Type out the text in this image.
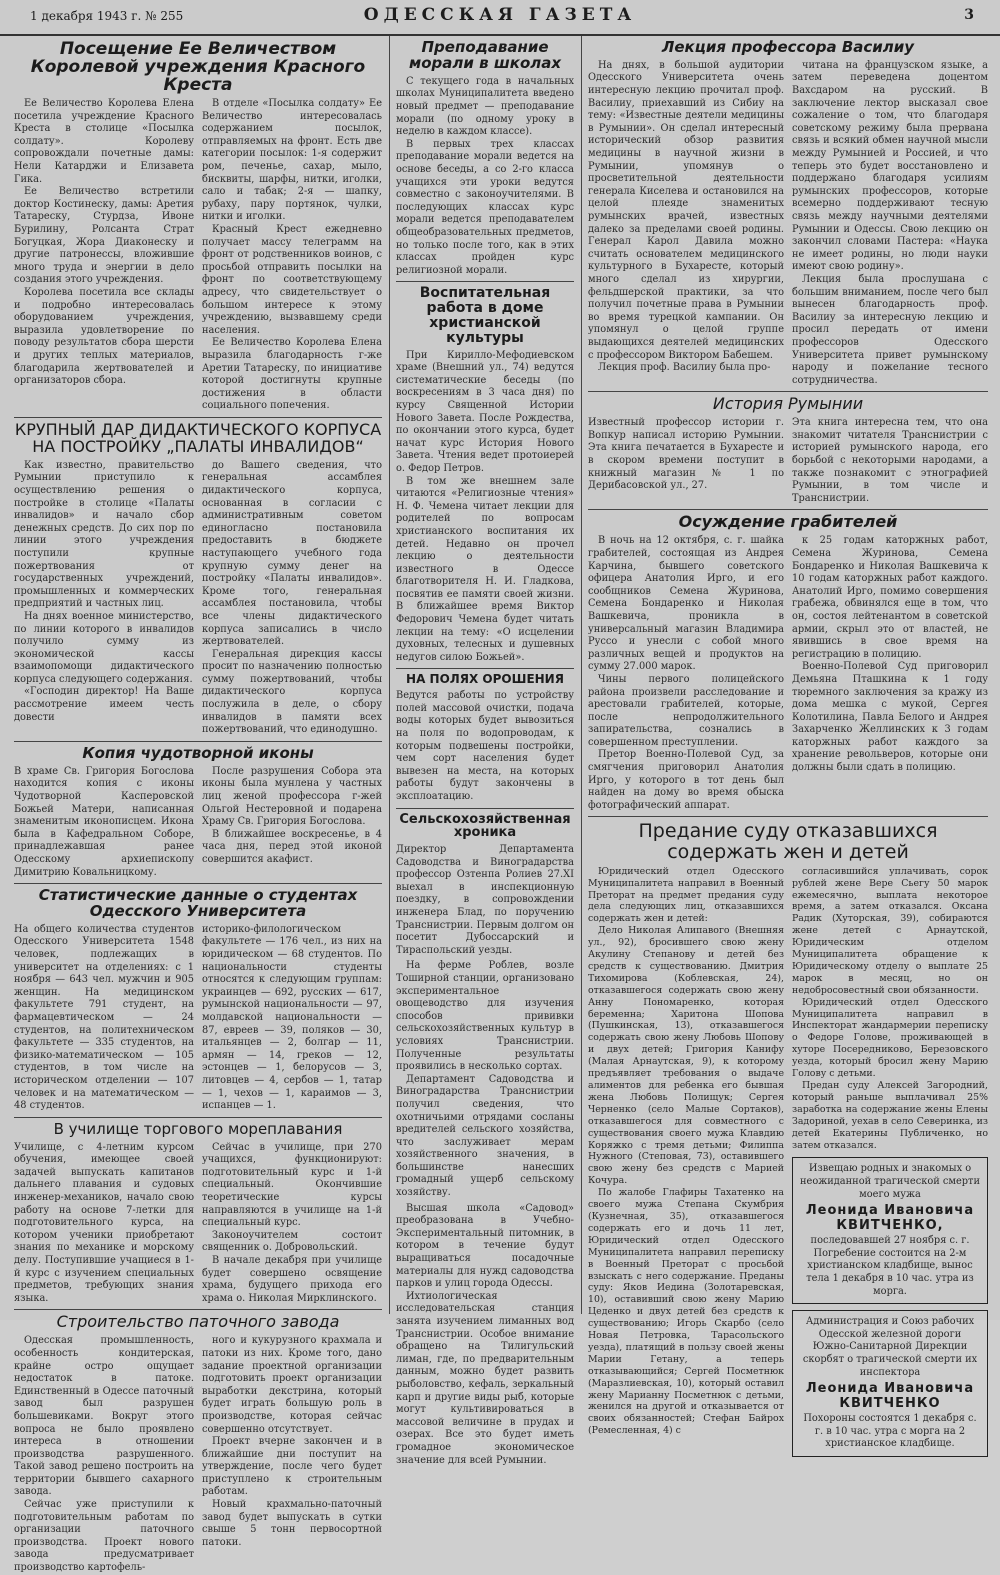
1 декабря 1943 г. № 255	ОДЕССКАЯ ГАЗЕТА	3
Посещение Ее Величеством Королевой учреждения Красного Креста

Ее Величество Королева Елена посетила учреждение Красного Креста в столице «Посылка солдату». Королеву сопровождали почетные дамы: Нели Катарджи и Елизавета Гика.
Ее Величество встретили доктор Костинеску, дамы: Аретия Татареску, Стурдза, Ивоне Бурилину, Ролсанта Страт Богуцкая, Жора Диаконеску и другие патронессы, вложившие много труда и энергии в дело создания этого учреждения.
Королева посетила все склады и подробно интересовалась оборудованием учреждения, выразила удовлетворение по поводу результатов сбора шерсти и других теплых материалов, благодарила жертвователей и организаторов сбора.

В отделе «Посылка солдату» Ее Величество интересовалась содержанием посылок, отправляемых на фронт. Есть две категории посылок: 1-я содержит ром, печенье, сахар, мыло, бисквиты, шарфы, нитки, иголки, сало и табак; 2-я — шапку, рубаху, пару портянок, чулки, нитки и иголки.
Красный Крест ежедневно получает массу телеграмм на фронт от родственников воинов, с просьбой отправить посылки на фронт по соответствующему адресу, что свидетельствует о большом интересе к этому учреждению, вызвавшему среди населения.
Ее Величество Королева Елена выразила благодарность г-же Аретии Татареску, по инициативе которой достигнуты крупные достижения в области социального попечения.

КРУПНЫЙ ДАР ДИДАКТИЧЕСКОГО КОРПУСА НА ПОСТРОЙКУ „ПАЛАТЫ ИНВАЛИДОВ“

Как известно, правительство Румынии приступило к осуществлению решения о постройке в столице «Палаты инвалидов» и начало сбор денежных средств. До сих пор по линии этого учреждения поступили крупные пожертвования от государственных учреждений, промышленных и коммерческих предприятий и частных лиц.
На днях военное министерство, по линии которого в инвалидов получило сумму из экономической кассы взаимопомощи дидактического корпуса следующего содержания.
«Господин директор! На Ваше рассмотрение имеем честь довести

до Вашего сведения, что генеральная ассамблея дидактического корпуса, основанная в согласии с административным советом единогласно постановила предоставить в бюджете наступающего учебного года крупную сумму денег на постройку «Палаты инвалидов». Кроме того, генеральная ассамблея постановила, чтобы все члены дидактического корпуса записались в число жертвователей.
Генеральная дирекция кассы просит по назначению полностью сумму пожертвований, чтобы дидактического корпуса послужила в деле, о сбору инвалидов в памяти всех пожертвований, что единодушно.

Копия чудотворной иконы

В храме Св. Григория Богослова находится копия с иконы Чудотворной Касперовской Божьей Матери, написанная знаменитым иконописцем. Икона была в Кафедральном Соборе, принадлежавшая ранее Одесскому архиепископу Димитрию Ковальницкому.

После разрушения Собора эта иконы была мунлена у частных лиц женой профессора г-жей Ольгой Нестеровной и подарена Храму Св. Григория Богослова.
В ближайшее воскресенье, в 4 часа дня, перед этой иконой совершится акафист.

Статистические данные о студентах Одесского Университета

На общего количества студентов Одесского Университета 1548 человек, подлежащих в университет на отделениях: с 1 ноября — 643 чел. мужчин и 905 женщин. На медицинском факультете 791 студент, на фармацевтическом — 24 студентов, на политехническом факультете — 335 студентов, на физико-математическом — 105 студентов, в том числе на историческом отделении — 107 человек и на математическом — 48 студентов.

историко-филологическом факультете — 176 чел., из них на юридическом — 68 студентов. По национальности студенты относятся к следующим группам: украинцев — 692, русских — 617, румынской национальности — 97, молдавской национальности — 87, евреев — 39, поляков — 30, итальянцев — 2, болгар — 11, армян — 14, греков — 12, эстонцев — 1, белорусов — 3, литовцев — 4, сербов — 1, татар — 1, чехов — 1, караимов — 3, испанцев — 1.

В училище торгового мореплавания

Училище, с 4-летним курсом обучения, имеющее своей задачей выпускать капитанов дальнего плавания и судовых инженер-механиков, начало свою работу на основе 7-летки для подготовительного курса, на котором ученики приобретают знания по механике и морскому делу. Поступившие учащиеся в 1-й курс с изучением специальных предметов, требующих знания языка.

Сейчас в училище, при 270 учащихся, функционируют: подготовительный курс и 1-й специальный. Окончившие теоретические курсы направляются в училище на 1-й специальный курс.
Законоучителем состоит священник о. Добровольский.
В начале декабря при училище будет совершено освящение храма, будущего прихода его храма о. Николая Мирклинского.

Строительство паточного завода

Одесская промышленность, особенность кондитерская, крайне остро ощущает недостаток в патоке. Единственный в Одессе паточный завод был разрушен большевиками. Вокруг этого вопроса не было проявлено интереса в отношении производства разрушенного. Такой завод решено построить на территории бывшего сахарного завода.
Сейчас уже приступили к подготовительным работам по организации паточного производства. Проект нового завода предусматривает производство картофель-

ного и кукурузного крахмала и патоки из них. Кроме того, дано задание проектной организации подготовить проект организации выработки декстрина, который будет играть большую роль в производстве, которая сейчас совершенно отсутствует.
Проект вчерне закончен и в ближайшие дни поступит на утверждение, после чего будет приступлено к строительным работам.
Новый крахмально-паточный завод будет выпускать в сутки свыше 5 тонн первосортной патоки.

Преподавание морали в школах

С текущего года в начальных школах Муниципалитета введено новый предмет — преподавание морали (по одному уроку в неделю в каждом классе).
В первых трех классах преподавание морали ведется на основе беседы, а со 2-го класса учащихся эти уроки ведутся совместно с законоучителями. В последующих классах курс морали ведется преподавателем общеобразовательных предметов, но только после того, как в этих классах пройден курс религиозной морали.

Воспитательная работа в доме христианской культуры

При Кирилло-Мефодиевском храме (Внешний ул., 74) ведутся систематические беседы (по воскресениям в 3 часа дня) по курсу Священной Истории Нового Завета. После Рождества, по окончании этого курса, будет начат курс История Нового Завета. Чтения ведет протоиерей о. Федор Петров.
В том же внешнем зале читаются «Религиозные чтения» Н. Ф. Чемена читает лекции для родителей по вопросам христианского воспитания их детей. Недавно он прочел лекцию о деятельности известного в Одессе благотворителя Н. И. Гладкова, посвятив ее памяти своей жизни. В ближайшее время Виктор Федорович Чемена будет читать лекции на тему: «О исцелении духовных, телесных и душевных недугов силою Божьей».

НА ПОЛЯХ ОРОШЕНИЯ

Ведутся работы по устройству полей массовой очистки, подача воды которых будет вывозиться на поля по водопроводам, к которым подвешены постройки, чем сорт населения будет вывезен на места, на которых работы будут закончены в эксплоатацию.

Сельскохозяйственная хроника

Директор Департамента Садоводства и Виноградарства профессор Озтенпа Ролиев 27.XI выехал в инспекционную поездку, в сопровождении инженера Блад, по поручению Транснистрии. Первым долгом он посетит Дубоссарский и Тираспольский уезды.

На ферме Роблев, возле Тоширной станции, организовано экспериментальное овощеводство для изучения способов прививки сельскохозяйственных культур в условиях Транснистрии. Полученные результаты проявились в несколько сортах.
Департамент Садоводства и Виноградарства Транснистрии получил сведения, что охотничьими отрядами сосланы вредителей сельского хозяйства, что заслуживает мерам хозяйственного значения, в большинстве нанесших громадный ущерб сельскому хозяйству.

Высшая школа «Садовод» преобразована в Учебно-Экспериментальный питомник, в котором в течение будут выращиваться посадочные материалы для нужд садоводства парков и улиц города Одессы.
Ихтиологическая исследовательская станция занята изучением лиманных вод Транснистрии. Особое внимание обращено на Тилигульский лиман, где, по предварительным данным, можно будет развить рыболовство, кефаль, зеркальный карп и другие виды рыб, которые могут культивироваться в массовой величине в прудах и озерах. Все это будет иметь громадное экономическое значение для всей Румынии.

Лекция профессора Василиу

На днях, в большой аудитории Одесского Университета очень интересную лекцию прочитал проф. Василиу, приехавший из Сибиу на тему: «Известные деятели медицины в Румынии». Он сделал интересный исторический обзор развития медицины в научной жизни в Румынии, упомянув о просветительной деятельности генерала Киселева и остановился на целой плеяде знаменитых румынских врачей, известных далеко за пределами своей родины. Генерал Карол Давила можно считать основателем медицинского культурного в Бухаресте, который много сделал из хирургии, фельдшерской практики, за что получил почетные права в Румынии во время турецкой кампании. Он упомянул о целой группе выдающихся деятелей медицинских с профессором Виктором Бабешем.
Лекция проф. Василиу была про-

читана на французском языке, а затем переведена доцентом Вахсдаром на русский. В заключение лектор высказал свое сожаление о том, что благодаря советскому режиму была прервана связь и всякий обмен научной мысли между Румынией и Россией, и что теперь это будет восстановлено и поддержано благодаря усилиям румынских профессоров, которые всемерно поддерживают тесную связь между научными деятелями Румынии и Одессы. Свою лекцию он закончил словами Пастера: «Наука не имеет родины, но люди науки имеют свою родину».
Лекция была прослушана с большим вниманием, после чего был вынесен благодарность проф. Василиу за интересную лекцию и просил передать от имени профессоров Одесского Университета привет румынскому народу и пожелание тесного сотрудничества.

История Румынии

Известный профессор истории г. Вопкур написал историю Румынии. Эта книга печатается в Бухаресте и в скором времени поступит в книжный магазин № 1 по Дерибасовской ул., 27.

Эта книга интересна тем, что она знакомит читателя Транснистрии с историей румынского народа, его борьбой с некоторыми народами, а также познакомит с этнографией Румынии, в том числе и Транснистрии.

Осуждение грабителей

В ночь на 12 октября, с. г. шайка грабителей, состоящая из Андрея Карчина, бывшего советского офицера Анатолия Ирго, и его сообщников Семена Журинова, Семена Бондаренко и Николая Вашкевича, проникла в универсальный магазин Владимира Руссо и унесли с собой много различных вещей и продуктов на сумму 27.000 марок.
Чины первого полицейского района произвели расследование и арестовали грабителей, которые, после непродолжительного запирательства, сознались в совершенном преступлении.
Претор Военно-Полевой Суд, за смягчения приговорил Анатолия Ирго, у которого в тот день был найден на дому во время обыска фотографический аппарат.

к 25 годам каторжных работ, Семена Журинова, Семена Бондаренко и Николая Вашкевича к 10 годам каторжных работ каждого. Анатолий Ирго, помимо совершения грабежа, обвинялся еще в том, что он, состоя лейтенантом в советской армии, скрыл это от властей, не явившись в свое время на регистрацию в полицию.
Военно-Полевой Суд приговорил Демьяна Пташкина к 1 году тюремного заключения за кражу из дома мешка с мукой, Сергея Колотилина, Павла Белого и Андрея Захарченко Желлинских к 3 годам каторжных работ каждого за хранение револьверов, которые они должны были сдать в полицию.

Предание суду отказавшихся содержать жен и детей

Юридический отдел Одесского Муниципалитета направил в Военный Преторат на предмет предания суду дела следующих лиц, отказавшихся содержать жен и детей:
Дело Николая Алипавого (Внешняя ул., 92), бросившего свою жену Акулину Степанову и детей без средств к существованию. Дмитрия Тихомирова (Коблевская, 24), отказавшегося содержать свою жену Анну Пономаренко, которая беременна; Харитона Шопова (Пушкинская, 13), отказавшегося содержать свою жену Любовь Шопову и двух детей; Григория Канифу (Малая Арнаутская, 9), к которому предъявляет требования о выдаче алиментов для ребенка его бывшая жена Любовь Полищук; Сергея Черненко (село Малые Сортаков), отказавшегося для совместного с существования своего мужа Клавдию Коряжко с тремя детьми; Филиппа Нужного (Степовая, 73), оставившего свою жену без средств с Марией Кочура.
По жалобе Глафиры Тахатенко на своего мужа Степана Скумбрия (Кузнечная, 35), отказавшегося содержать его и дочь 11 лет, Юридический отдел Одесского Муниципалитета направил переписку в Военный Преторат с просьбой взыскать с него содержание. Преданы суду: Яков Иедина (Золотаревская, 10), оставивший свою жену Марию Цеденко и двух детей без средств к существованию; Игорь Скарбо (село Новая Петровка, Тарасольского уезда), платящий в пользу своей жены Марии Гетану, а теперь отказывающийся; Сергей Посметнюк (Маразлиевская, 10), который оставил жену Марианну Посметнюк с детьми, женился на другой и отказывается от своих обязанностей; Стефан Байрох (Ремесленная, 4) с

согласившийся уплачивать, сорок рублей жене Вере Сьегу 50 марок ежемесячно, выплата некоторое время, а затем отказался. Оксана Радик (Хуторская, 39), собираются жене детей с Арнаутской, Юридическим отделом Муниципалитета обращение к Юридическому отделу о выплате 25 марок в месяц, но он недобросовестный свои обязанности.
Юридический отдел Одесского Муниципалитета направил в Инспекторат жандармерии переписку о Федоре Голове, проживающей в хуторе Посередниково, Березовского уезда, который бросил жену Марию Голову с детьми.
Предан суду Алексей Загородний, который раньше выплачивал 25% заработка на содержание жены Елены Задориной, уехав в село Северинка, из детей Екатерины Публиченко, но затем отказался.

Извещаю родных и знакомых о неожиданной трагической смерти моего мужа

Леонида Ивановича КВИТЧЕНКО,

последовавшей 27 ноября с. г. Погребение состоится на 2-м христианском кладбище, вынос тела 1 декабря в 10 час. утра из морга.

Администрация и Союз рабочих Одесской железной дороги Южно-Санитарной Дирекции скорбят о трагической смерти их инспектора

Леонида Ивановича КВИТЧЕНКО

Похороны состоятся 1 декабря с. г. в 10 час. утра с морга на 2 христианское кладбище.
